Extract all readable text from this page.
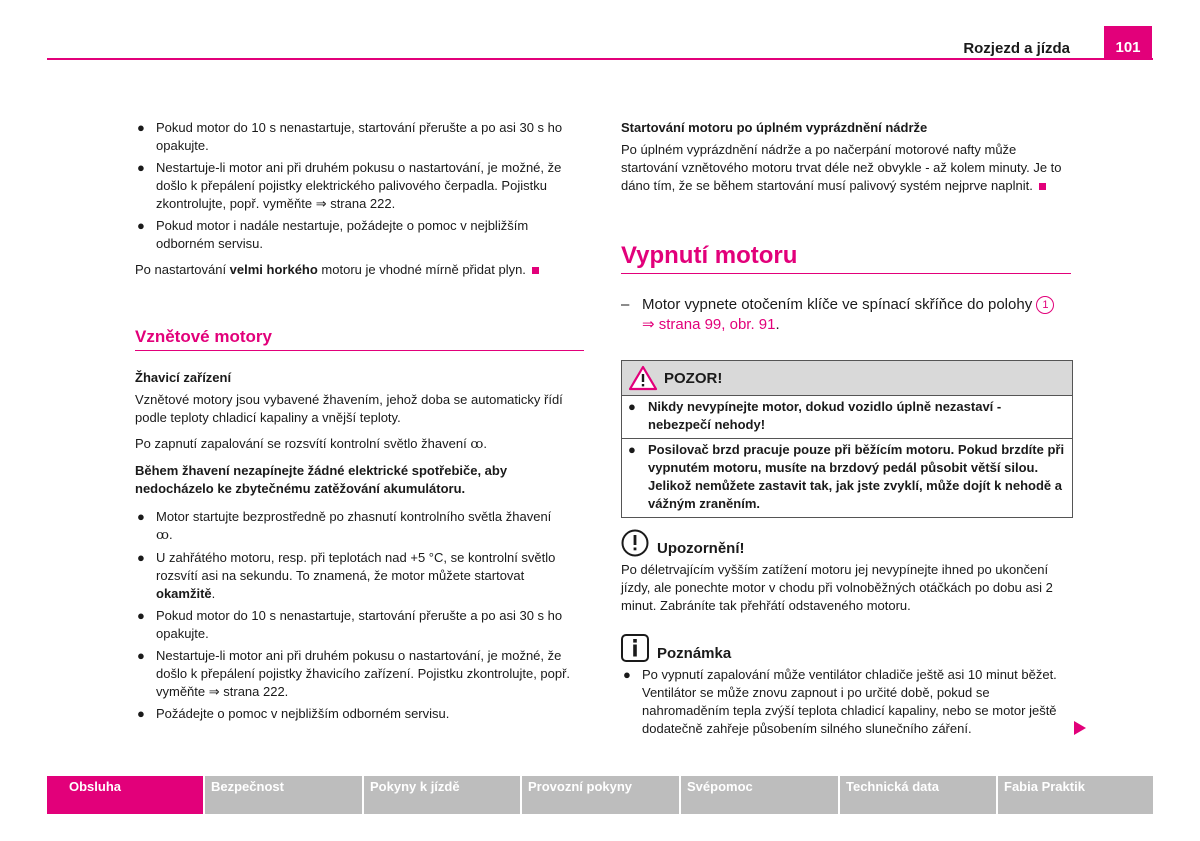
Rozjezd a jízda	101

● Pokud motor do 10 s nenastartuje, startování přerušte a po asi 30 s ho opakujte.

● Nestartuje-li motor ani při druhém pokusu o nastartování, je možné, že došlo k přepálení pojistky elektrického palivového čerpadla. Pojistku zkontrolujte, popř. vyměňte ⇒ strana 222.

● Pokud motor i nadále nestartuje, požádejte o pomoc v nejbližším odborném servisu.

Po nastartování velmi horkého motoru je vhodné mírně přidat plyn.

Vznětové motory

Žhavicí zařízení

Vznětové motory jsou vybavené žhavením, jehož doba se automaticky řídí podle teploty chladicí kapaliny a vnější teploty.

Po zapnutí zapalování se rozsvítí kontrolní světlo žhavení ꝏ.

Během žhavení nezapínejte žádné elektrické spotřebiče, aby nedocházelo ke zbytečnému zatěžování akumulátoru.

● Motor startujte bezprostředně po zhasnutí kontrolního světla žhavení
ꝏ.

● U zahřátého motoru, resp. při teplotách nad +5 °C, se kontrolní světlo rozsvítí asi na sekundu. To znamená, že motor můžete startovat okamžitě.

● Pokud motor do 10 s nenastartuje, startování přerušte a po asi 30 s ho opakujte.

● Nestartuje-li motor ani při druhém pokusu o nastartování, je možné, že došlo k přepálení pojistky žhavicího zařízení. Pojistku zkontrolujte, popř. vyměňte ⇒ strana 222.

● Požádejte o pomoc v nejbližším odborném servisu.

Startování motoru po úplném vyprázdnění nádrže

Po úplném vyprázdnění nádrže a po načerpání motorové nafty může startování vznětového motoru trvat déle než obvykle - až kolem minuty. Je to dáno tím, že se během startování musí palivový systém nejprve naplnit.

Vypnutí motoru
– Motor vypnete otočením klíče ve spínací skříňce do polohy 1
⇒ strana 99, obr. 91.
POZOR!
● Nikdy nevypínejte motor, dokud vozidlo úplně nezastaví - nebezpečí nehody!
● Posilovač brzd pracuje pouze při běžícím motoru. Pokud brzdíte při vypnutém motoru, musíte na brzdový pedál působit větší silou. Jelikož nemůžete zastavit tak, jak jste zvyklí, může dojít k nehodě a vážným zraněním.
Upozornění!
Po déletrvajícím vyšším zatížení motoru jej nevypínejte ihned po ukončení jízdy, ale ponechte motor v chodu při volnoběžných otáčkách po dobu asi 2 minut. Zabráníte tak přehřátí odstaveného motoru.
Poznámka
● Po vypnutí zapalování může ventilátor chladiče ještě asi 10 minut běžet. Ventilátor se může znovu zapnout i po určité době, pokud se nahromaděním tepla zvýší teplota chladicí kapaliny, nebo se motor ještě dodatečně zahřeje působením silného slunečního záření.
Obsluha	Bezpečnost	Pokyny k jízdě	Provozní pokyny	Svépomoc	Technická data	Fabia Praktik
